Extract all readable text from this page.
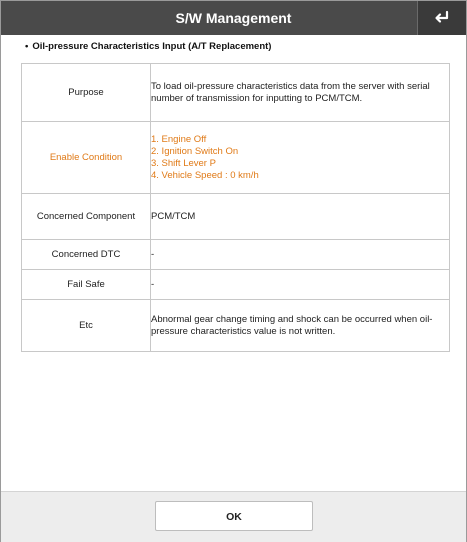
S/W Management
• Oil-pressure Characteristics Input (A/T Replacement)
Purpose	To load oil-pressure characteristics data from the server with serial number of transmission for inputting to PCM/TCM.
Enable Condition	1. Engine Off
2. Ignition Switch On
3. Shift Lever P
4. Vehicle Speed : 0 km/h

Concerned Component	PCM/TCM
Concerned DTC	-
Fail Safe	-
Etc	Abnormal gear change timing and shock can be occurred when oil-pressure characteristics value is not written.
OK
